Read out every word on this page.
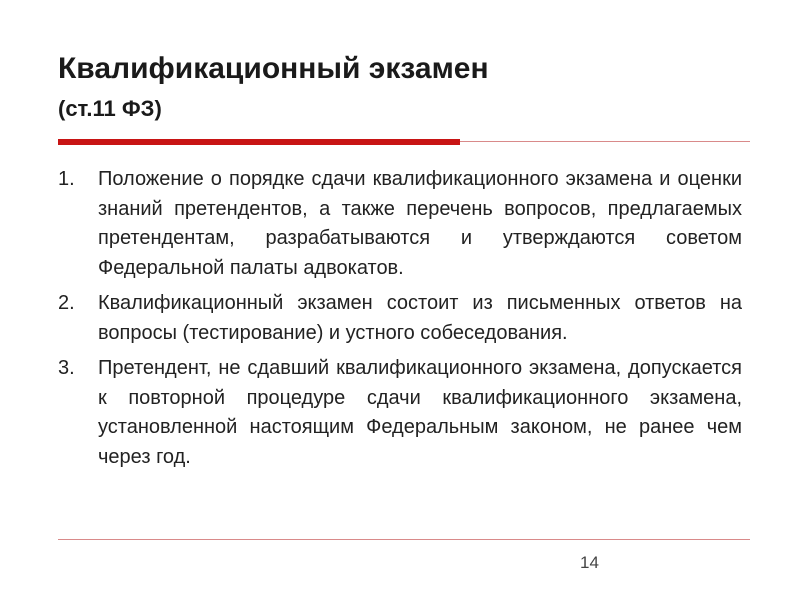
Квалификационный экзамен
(ст.11 ФЗ)
1. Положение о порядке сдачи квалификационного экзамена и оценки знаний претендентов, а также перечень вопросов, предлагаемых претендентам, разрабатываются и утверждаются советом Федеральной палаты адвокатов.
2. Квалификационный экзамен состоит из письменных ответов на вопросы (тестирование) и устного собеседования.
3. Претендент, не сдавший квалификационного экзамена, допускается к повторной процедуре сдачи квалификационного экзамена, установленной настоящим Федеральным законом, не ранее чем через год.
14
